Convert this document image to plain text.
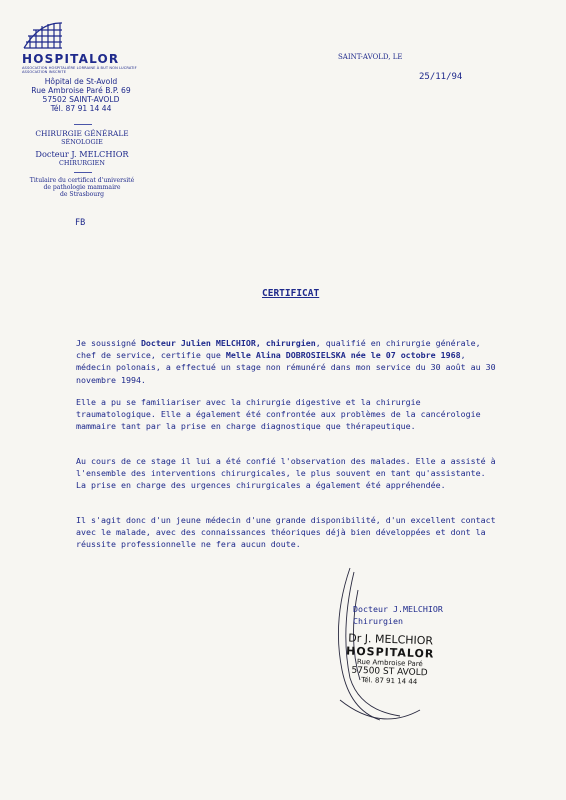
HOSPITALOR
ASSOCIATION HOSPITALIÈRE LORRAINE À BUT NON LUCRATIF
ASSOCIATION INSCRITE
Hôpital de St-Avold
Rue Ambroise Paré B.P. 69
57502 SAINT-AVOLD
Tél. 87 91 14 44
CHIRURGIE GÉNÉRALE
SÉNOLOGIE
Docteur J. MELCHIOR
CHIRURGIEN
Titulaire du certificat d'université
de pathologie mammaire
de Strasbourg
SAINT-AVOLD, LE
25/11/94
FB
CERTIFICAT
Je soussigné Docteur Julien MELCHIOR, chirurgien, qualifié en chirurgie générale, chef de service, certifie que Melle Alina DOBROSIELSKA née le 07 octobre 1968, médecin polonais, a effectué un stage non rémunéré dans mon service du 30 août au 30 novembre 1994.
Elle a pu se familiariser avec la chirurgie digestive et la chirurgie traumatologique. Elle a également été confrontée aux problèmes de la cancérologie mammaire tant par la prise en charge diagnostique que thérapeutique.
Au cours de ce stage il lui a été confié l'observation des malades. Elle a assisté à l'ensemble des interventions chirurgicales, le plus souvent en tant qu'assistante. La prise en charge des urgences chirurgicales a également été appréhendée.
Il s'agit donc d'un jeune médecin d'une grande disponibilité, d'un excellent contact avec le malade, avec des connaissances théoriques déjà bien développées et dont la réussite professionnelle ne fera aucun doute.
Docteur J.MELCHIOR
Chirurgien
Dr J. MELCHIOR
HOSPITALOR
Rue Ambroise Paré
57500 ST AVOLD
Tél. 87 91 14 44
